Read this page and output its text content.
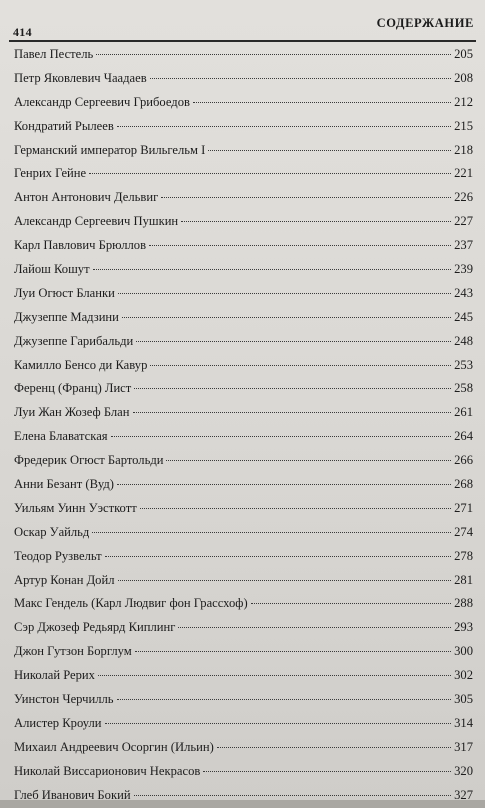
414
СОДЕРЖАНИЕ
Павел Пестель	205
Петр Яковлевич Чаадаев	208
Александр Сергеевич Грибоедов	212
Кондратий Рылеев	215
Германский император Вильгельм I	218
Генрих Гейне	221
Антон Антонович Дельвиг	226
Александр Сергеевич Пушкин	227
Карл Павлович Брюллов	237
Лайош Кошут	239
Луи Огюст Бланки	243
Джузеппе Мадзини	245
Джузеппе Гарибальди	248
Камилло Бенсо ди Кавур	253
Ференц (Франц) Лист	258
Луи Жан Жозеф Блан	261
Елена Блаватская	264
Фредерик Огюст Бартольди	266
Анни Безант (Вуд)	268
Уильям Уинн Уэсткотт	271
Оскар Уайльд	274
Теодор Рузвельт	278
Артур Конан Дойл	281
Макс Гендель (Карл Людвиг фон Грассхоф)	288
Сэр Джозеф Редьярд Киплинг	293
Джон Гутзон Борглум	300
Николай Рерих	302
Уинстон Черчилль	305
Алистер Кроули	314
Михаил Андреевич Осоргин (Ильин)	317
Николай Виссарионович Некрасов	320
Глеб Иванович Бокий	327
